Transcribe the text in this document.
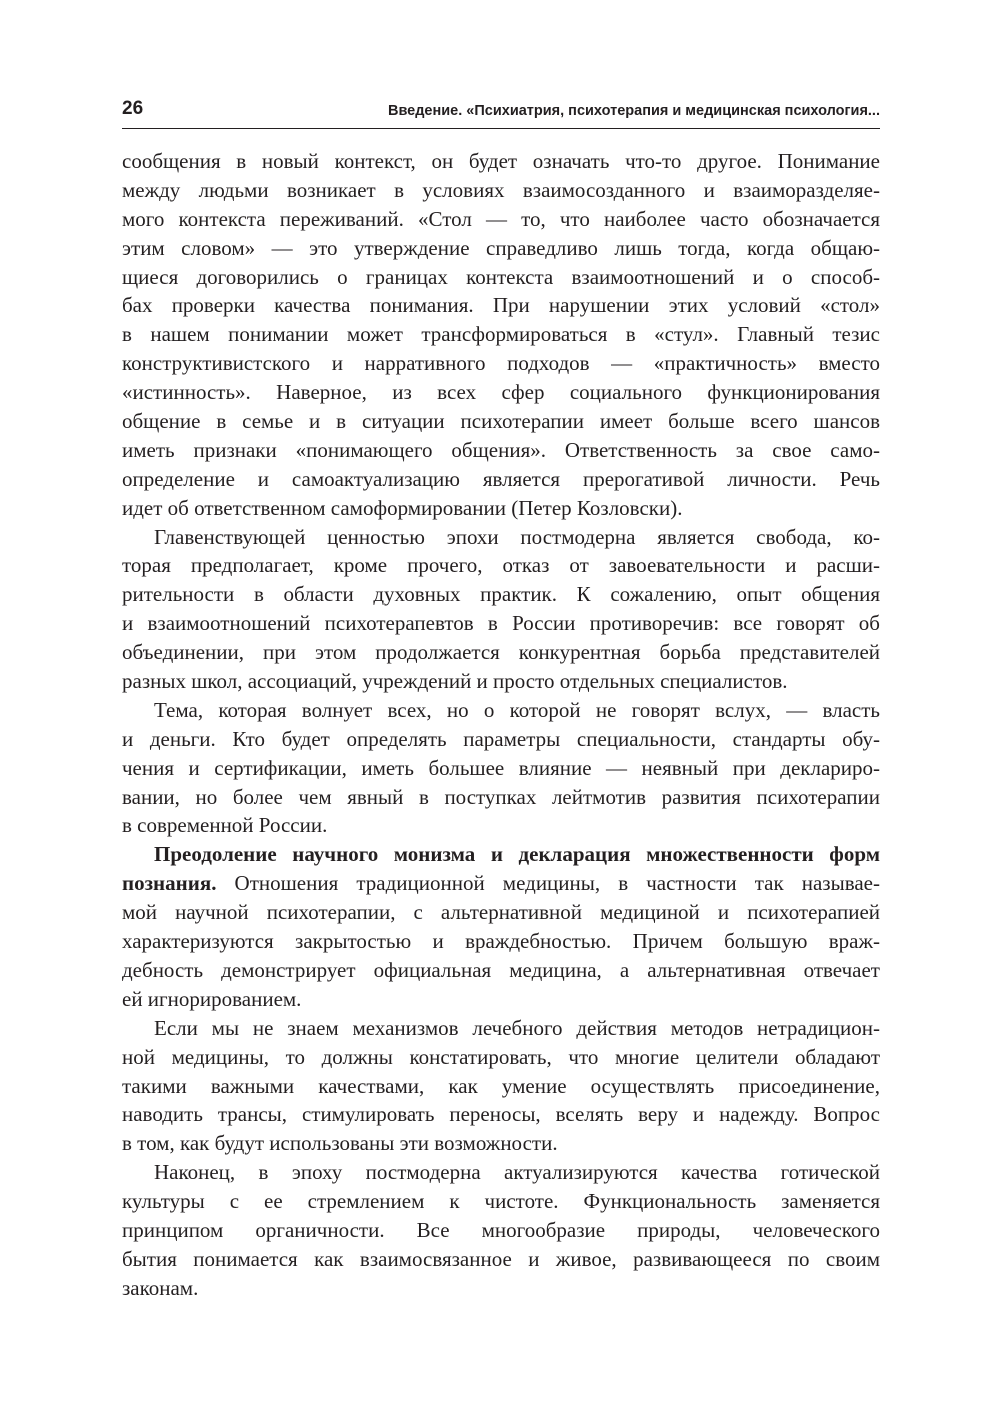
26	Введение. «Психиатрия, психотерапия и медицинская психология...
сообщения в новый контекст, он будет означать что-то другое. Понимание
между людьми возникает в условиях взаимосозданного и взаиморазделяе-
мого контекста переживаний. «Стол — то, что наиболее часто обозначается
этим словом» — это утверждение справедливо лишь тогда, когда общаю-
щиеся договорились о границах контекста взаимоотношений и о способ-
бах проверки качества понимания. При нарушении этих условий «стол»
в нашем понимании может трансформироваться в «стул». Главный тезис
конструктивистского и нарративного подходов — «практичность» вместо
«истинность». Наверное, из всех сфер социального функционирования
общение в семье и в ситуации психотерапии имеет больше всего шансов
иметь признаки «понимающего общения». Ответственность за свое само-
определение и самоактуализацию является прерогативой личности. Речь
идет об ответственном самоформировании (Петер Козловски).
Главенствующей ценностью эпохи постмодерна является свобода, ко-
торая предполагает, кроме прочего, отказ от завоевательности и расши-
рительности в области духовных практик. К сожалению, опыт общения
и взаимоотношений психотерапевтов в России противоречив: все говорят об
объединении, при этом продолжается конкурентная борьба представителей
разных школ, ассоциаций, учреждений и просто отдельных специалистов.
Тема, которая волнует всех, но о которой не говорят вслух, — власть
и деньги. Кто будет определять параметры специальности, стандарты обу-
чения и сертификации, иметь большее влияние — неявный при деклариро-
вании, но более чем явный в поступках лейтмотив развития психотерапии
в современной России.
Преодоление научного монизма и декларация множественности форм
познания. Отношения традиционной медицины, в частности так называе-
мой научной психотерапии, с альтернативной медициной и психотерапией
характеризуются закрытостью и враждебностью. Причем большую враж-
дебность демонстрирует официальная медицина, а альтернативная отвечает
ей игнорированием.
Если мы не знаем механизмов лечебного действия методов нетрадицион-
ной медицины, то должны констатировать, что многие целители обладают
такими важными качествами, как умение осуществлять присоединение,
наводить трансы, стимулировать переносы, вселять веру и надежду. Вопрос
в том, как будут использованы эти возможности.
Наконец, в эпоху постмодерна актуализируются качества готической
культуры с ее стремлением к чистоте. Функциональность заменяется
принципом органичности. Все многообразие природы, человеческого
бытия понимается как взаимосвязанное и живое, развивающееся по своим
законам.
